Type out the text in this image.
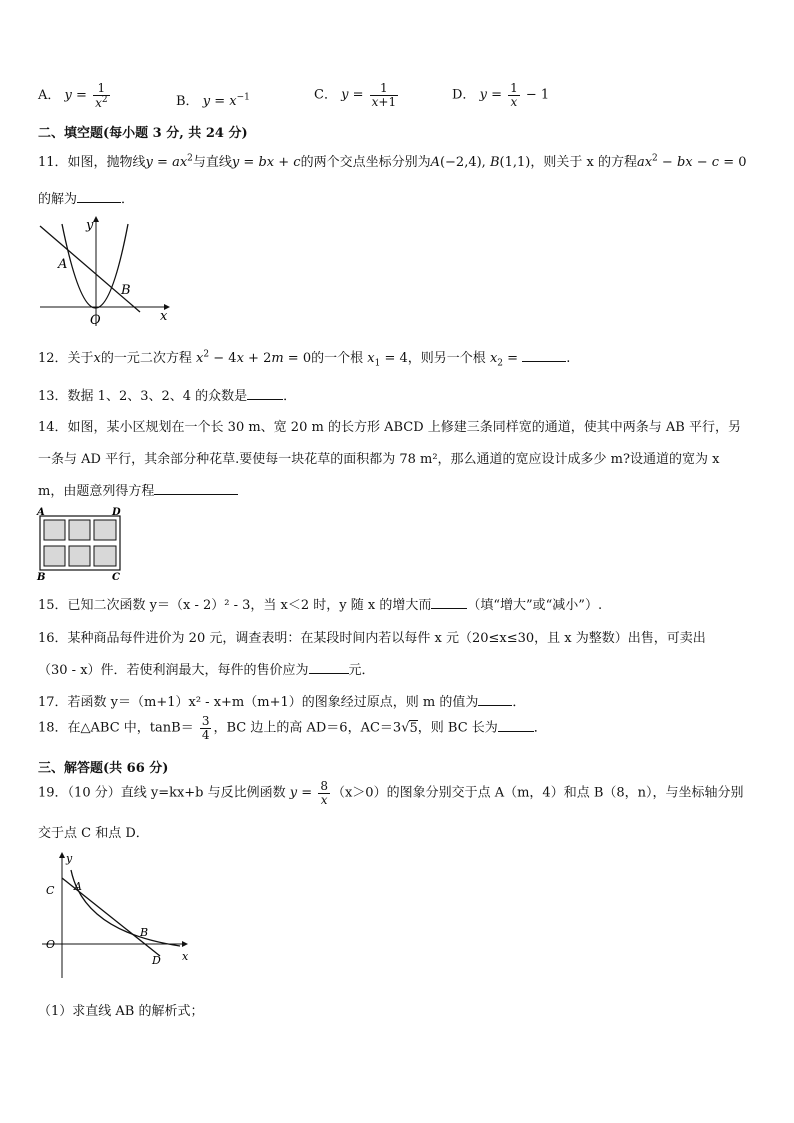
A． $y = \frac{1}{x^2}$	B． $y = x^{-1}$	C． $y = \frac{1}{x+1}$	D． $y = \frac{1}{x} - 1$
二、填空题(每小题 3 分, 共 24 分)
11．如图，抛物线$y = ax^2$与直线y = bx + c的两个交点坐标分别为A(−2,4), B(1,1)，则关于 x 的方程$ax^2$ − bx − c = 0
的解为	．
O	x
y
A
B
12．关于x的一元二次方程 $x^2 - 4x + 2m = 0$的一个根 $x_1 = 4$，则另一个根 $x_2$ =	.
13．数据 1、2、3、2、4 的众数是	．
14．如图，某小区规划在一个长 30 m、宽 20 m 的长方形 ABCD 上修建三条同样宽的通道，使其中两条与 AB 平行，另
一条与 AD 平行，其余部分种花草.要使每一块花草的面积都为 78 m²，那么通道的宽应设计成多少 m?设通道的宽为 x
m，由题意列得方程
A	D
B	C
15．已知二次函数 y＝（x - 2）² - 3，当 x＜2 时，y 随 x 的增大而	（填“增大”或“减小”）.
16．某种商品每件进价为 20 元，调查表明：在某段时间内若以每件 x 元（20≤x≤30，且 x 为整数）出售，可卖出
（30 - x）件．若使利润最大，每件的售价应为	元．
17．若函数 y＝（m+1）x² - x+m（m+1）的图象经过原点，则 m 的值为	．
18．在△ABC 中，$\tan B= \frac{3}{4}$ ，BC 边上的高 AD＝6，AC＝3√5，则 BC 长为	．
三、解答题(共 66 分)
19．（10 分）直线 y=kx+b 与反比例函数 $y = \frac{8}{x} (x>0)$的图象分别交于点 A（m，4）和点 B（8，n），与坐标轴分别
交于点 C 和点 D．
y
x
O
C A
B
D
（1）求直线 AB 的解析式；
